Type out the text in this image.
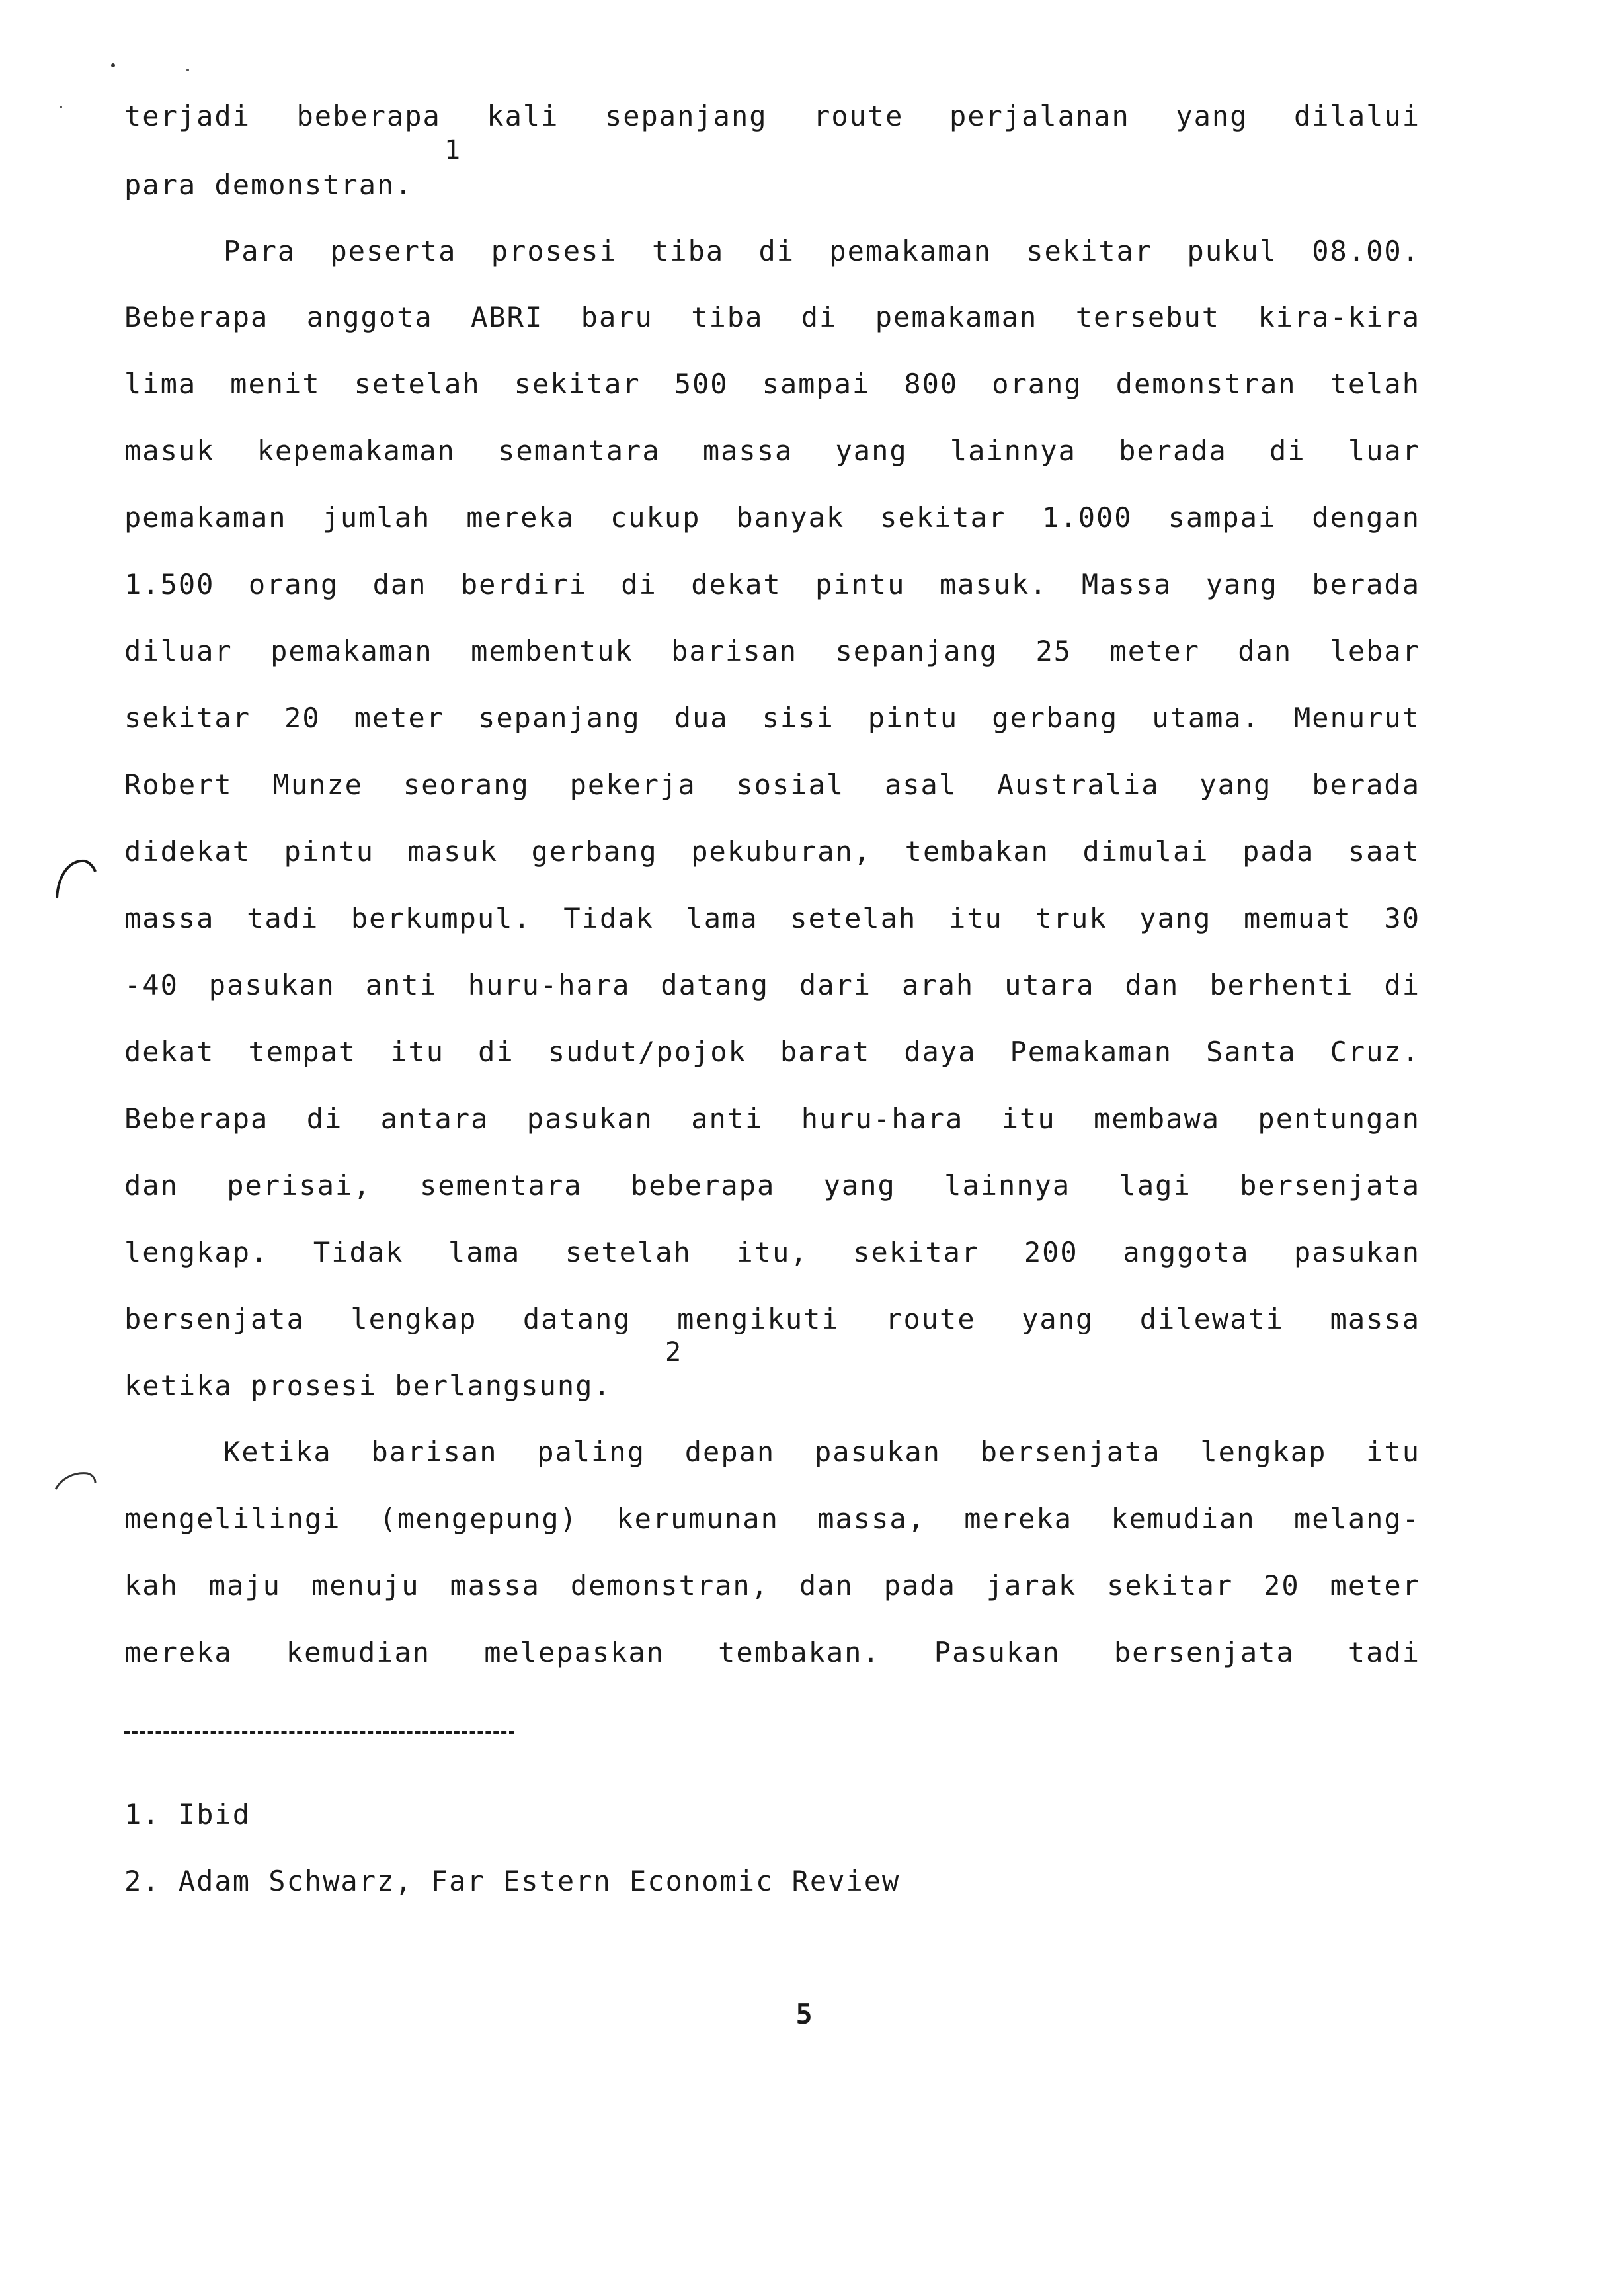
terjadi beberapa kali sepanjang route perjalanan yang dilalui
1
para demonstran.
Para peserta prosesi tiba di pemakaman sekitar pukul 08.00.
Beberapa anggota ABRI baru tiba di pemakaman tersebut kira-kira
lima menit setelah sekitar 500 sampai 800 orang demonstran telah
masuk kepemakaman semantara massa yang lainnya berada di luar
pemakaman jumlah mereka cukup banyak sekitar 1.000 sampai dengan
1.500 orang dan berdiri di dekat pintu masuk. Massa yang berada
diluar pemakaman membentuk barisan sepanjang 25 meter dan lebar
sekitar 20 meter sepanjang dua sisi pintu gerbang utama. Menurut
Robert Munze seorang pekerja sosial asal Australia yang berada
didekat pintu masuk gerbang pekuburan, tembakan dimulai pada saat
massa tadi berkumpul. Tidak lama setelah itu truk yang memuat 30
-40 pasukan anti huru-hara datang dari arah utara dan berhenti di
dekat tempat itu di sudut/pojok barat daya Pemakaman Santa Cruz.
Beberapa di antara pasukan anti huru-hara itu membawa pentungan
dan perisai, sementara beberapa yang lainnya lagi bersenjata
lengkap. Tidak lama setelah itu, sekitar 200 anggota pasukan
bersenjata lengkap datang mengikuti route yang dilewati massa
2
ketika prosesi berlangsung.
Ketika barisan paling depan pasukan bersenjata lengkap itu
mengelilingi (mengepung) kerumunan massa, mereka kemudian melang-
kah maju menuju massa demonstran, dan pada jarak sekitar 20 meter
mereka kemudian melepaskan tembakan. Pasukan bersenjata tadi
1. Ibid
2. Adam Schwarz, Far Estern Economic Review
5
